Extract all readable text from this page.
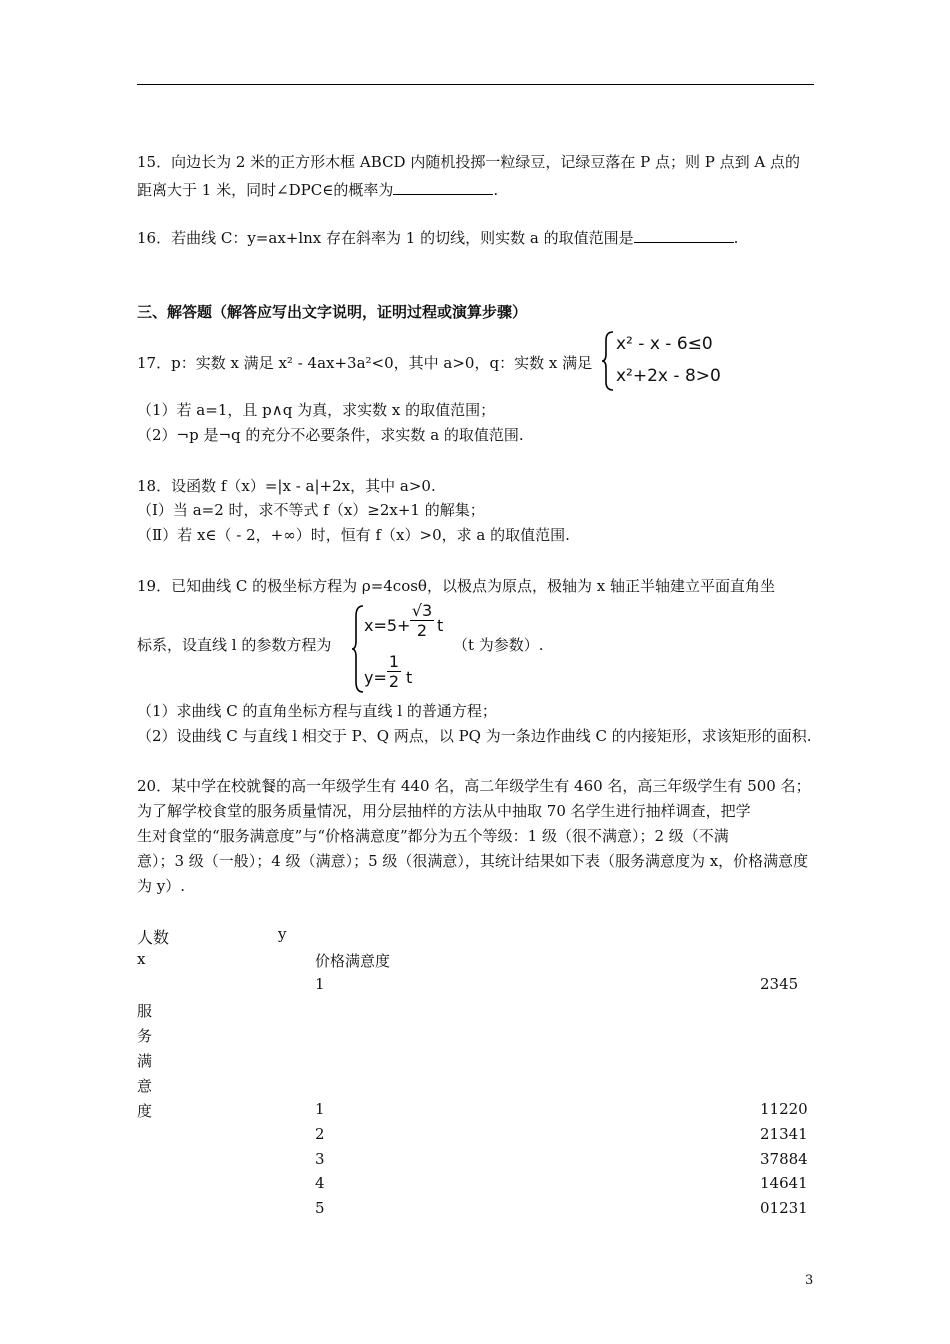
15．向边长为 2 米的正方形木框 ABCD 内随机投掷一粒绿豆，记绿豆落在 P 点；则 P 点到 A 点的
距离大于 1 米，同时∠DPC∈的概率为	.
16．若曲线 C：y=ax+lnx 存在斜率为 1 的切线，则实数 a 的取值范围是	.
三、解答题（解答应写出文字说明，证明过程或演算步骤）
17．p：实数 x 满足 x² - 4ax+3a²<0，其中 a>0，q：实数 x 满足
x² - x - 6≤0
x²+2x - 8>0
（1）若 a=1，且 p∧q 为真，求实数 x 的取值范围；
（2）¬p 是¬q 的充分不必要条件，求实数 a 的取值范围.
18．设函数 f（x）=|x - a|+2x，其中 a>0.
（Ⅰ）当 a=2 时，求不等式 f（x）≥2x+1 的解集；
（Ⅱ）若 x∈（ - 2，+∞）时，恒有 f（x）>0，求 a 的取值范围.
19．已知曲线 C 的极坐标方程为 ρ=4cosθ，以极点为原点，极轴为 x 轴正半轴建立平面直角坐
标系，设直线 l 的参数方程为
x=5+
√3
2 t
y=
1
2 t
（t 为参数）.
（1）求曲线 C 的直角坐标方程与直线 l 的普通方程；
（2）设曲线 C 与直线 l 相交于 P、Q 两点，以 PQ 为一条边作曲线 C 的内接矩形，求该矩形的面积.
20．某中学在校就餐的高一年级学生有 440 名，高二年级学生有 460 名，高三年级学生有 500 名；
为了解学校食堂的服务质量情况，用分层抽样的方法从中抽取 70 名学生进行抽样调查，把学
生对食堂的“服务满意度”与“价格满意度”都分为五个等级：1 级（很不满意）；2 级（不满
意）；3 级（一般）；4 级（满意）；5 级（很满意），其统计结果如下表（服务满意度为 x，价格满意度
为 y）.
人数	y
x	价格满意度
1	2345
服
务
满
意
度	1	11220
2	21341
3	37884
4	14641
5	01231
3
